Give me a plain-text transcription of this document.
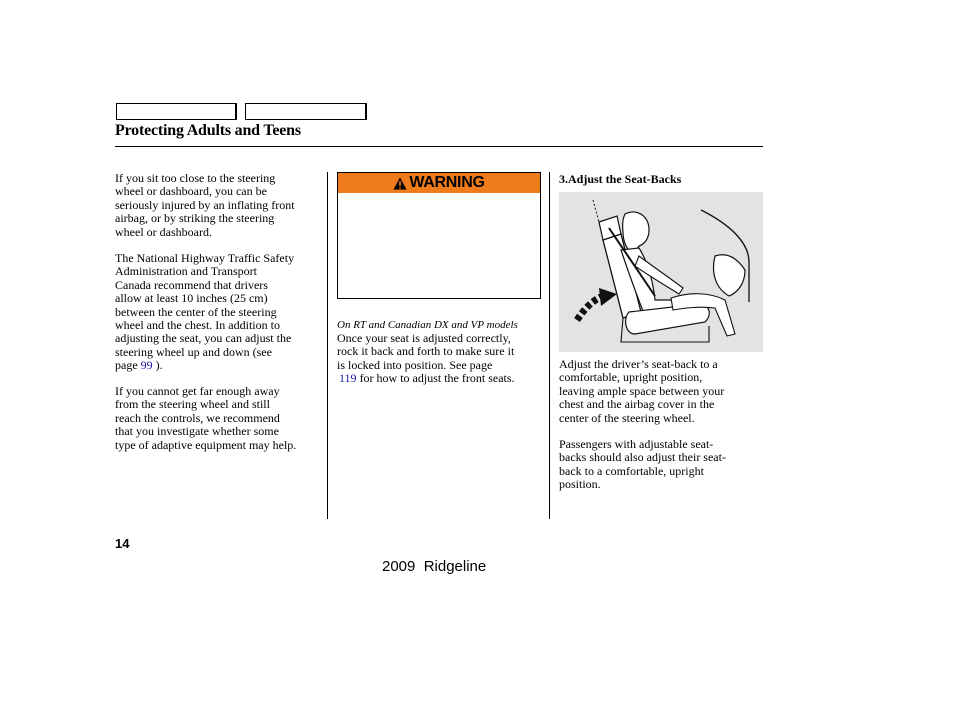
Protecting Adults and Teens
If you sit too close to the steering
wheel or dashboard, you can be
seriously injured by an inflating front
airbag, or by striking the steering
wheel or dashboard.
The National Highway Traffic Safety
Administration and Transport
Canada recommend that drivers
allow at least 10 inches (25 cm)
between the center of the steering
wheel and the chest. In addition to
adjusting the seat, you can adjust the
steering wheel up and down (see
page 99 ).
If you cannot get far enough away
from the steering wheel and still
reach the controls, we recommend
that you investigate whether some
type of adaptive equipment may help.
WARNING
On RT and Canadian DX and VP models
Once your seat is adjusted correctly,
rock it back and forth to make sure it
is locked into position. See page
119 for how to adjust the front seats.
3.Adjust the Seat-Backs
Adjust the driver’s seat-back to a
comfortable, upright position,
leaving ample space between your
chest and the airbag cover in the
center of the steering wheel.
Passengers with adjustable seat-
backs should also adjust their seat-
back to a comfortable, upright
position.
14
2009  Ridgeline
